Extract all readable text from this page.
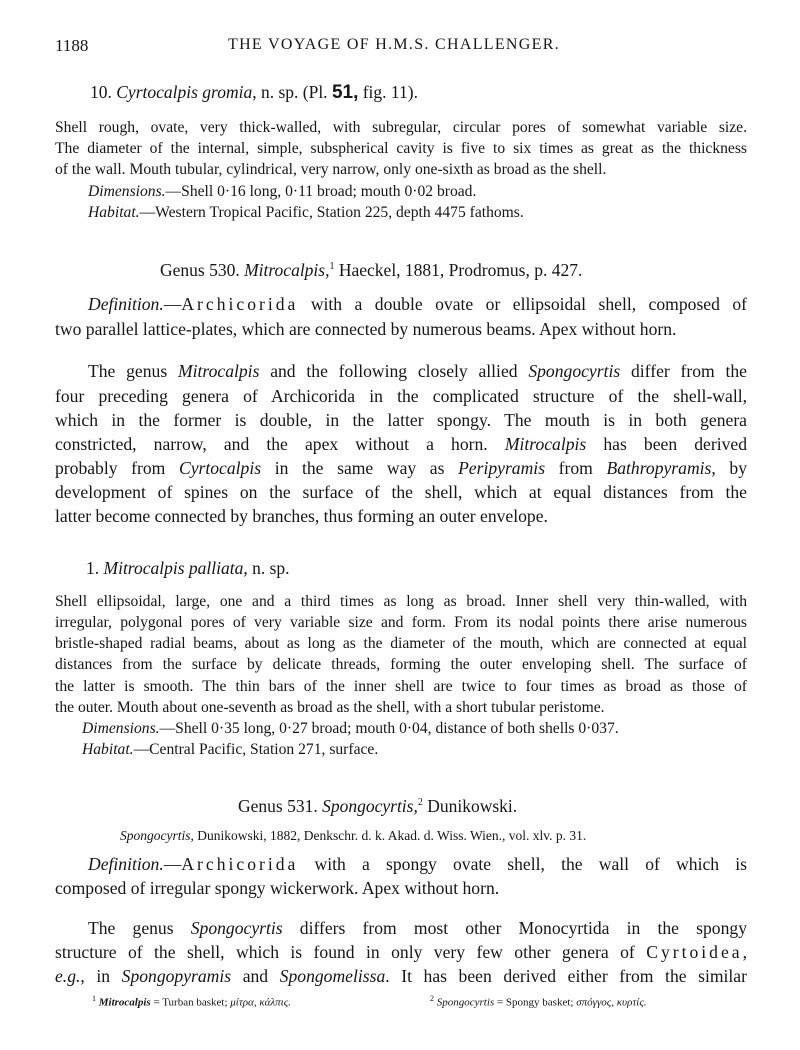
1188	THE VOYAGE OF H.M.S. CHALLENGER.
10. Cyrtocalpis gromia, n. sp. (Pl. 51, fig. 11).
Shell rough, ovate, very thick-walled, with subregular, circular pores of somewhat variable size.
The diameter of the internal, simple, subspherical cavity is five to six times as great as the thickness
of the wall. Mouth tubular, cylindrical, very narrow, only one-sixth as broad as the shell.
Dimensions.—Shell 0·16 long, 0·11 broad; mouth 0·02 broad.
Habitat.—Western Tropical Pacific, Station 225, depth 4475 fathoms.
Genus 530. Mitrocalpis,$^1$ Haeckel, 1881, Prodromus, p. 427.
Definition.—Archicorida with a double ovate or ellipsoidal shell, composed of
two parallel lattice-plates, which are connected by numerous beams. Apex without horn.
The genus Mitrocalpis and the following closely allied Spongocyrtis differ from the
four preceding genera of Archicorida in the complicated structure of the shell-wall,
which in the former is double, in the latter spongy. The mouth is in both genera
constricted, narrow, and the apex without a horn. Mitrocalpis has been derived
probably from Cyrtocalpis in the same way as Peripyramis from Bathropyramis, by
development of spines on the surface of the shell, which at equal distances from the
latter become connected by branches, thus forming an outer envelope.
1. Mitrocalpis palliata, n. sp.
Shell ellipsoidal, large, one and a third times as long as broad. Inner shell very thin-walled, with
irregular, polygonal pores of very variable size and form. From its nodal points there arise numerous
bristle-shaped radial beams, about as long as the diameter of the mouth, which are connected at equal
distances from the surface by delicate threads, forming the outer enveloping shell. The surface of
the latter is smooth. The thin bars of the inner shell are twice to four times as broad as those of
the outer. Mouth about one-seventh as broad as the shell, with a short tubular peristome.
Dimensions.—Shell 0·35 long, 0·27 broad; mouth 0·04, distance of both shells 0·037.
Habitat.—Central Pacific, Station 271, surface.
Genus 531. Spongocyrtis,$^2$ Dunikowski.
Spongocyrtis, Dunikowski, 1882, Denkschr. d. k. Akad. d. Wiss. Wien., vol. xlv. p. 31.
Definition.—Archicorida with a spongy ovate shell, the wall of which is
composed of irregular spongy wickerwork. Apex without horn.
The genus Spongocyrtis differs from most other Monocyrtida in the spongy
structure of the shell, which is found in only very few other genera of Cyrtoidea,
e.g., in Spongopyramis and Spongomelissa. It has been derived either from the similar
$^1$ Mitrocalpis = Turban basket; μίτρα, κάλπις.	$^2$ Spongocyrtis = Spongy basket; σπόγγος, κυρτίς.
